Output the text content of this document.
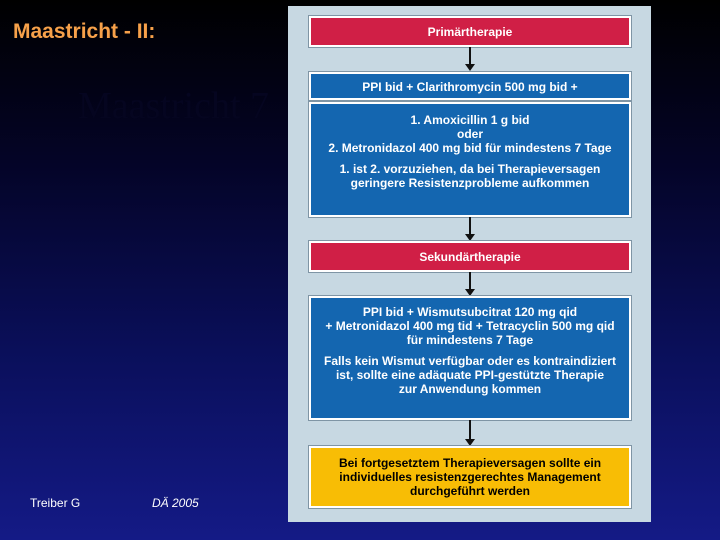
Maastricht - II:
Maastricht 7
Primärtherapie
PPI bid + Clarithromycin 500 mg bid +
1. Amoxicillin 1 g bid
oder
2. Metronidazol 400 mg bid für mindestens 7 Tage
1. ist 2. vorzuziehen, da bei Therapieversagen
geringere Resistenzprobleme aufkommen
Sekundärtherapie
PPI bid + Wismutsubcitrat 120 mg qid
+ Metronidazol 400 mg tid + Tetracyclin 500 mg qid
für mindestens 7 Tage
Falls kein Wismut verfügbar oder es kontraindiziert
ist, sollte eine adäquate PPI-gestützte Therapie
zur Anwendung kommen
Bei fortgesetztem Therapieversagen sollte ein
individuelles resistenzgerechtes Management
durchgeführt werden
Treiber G	DÄ 2005
